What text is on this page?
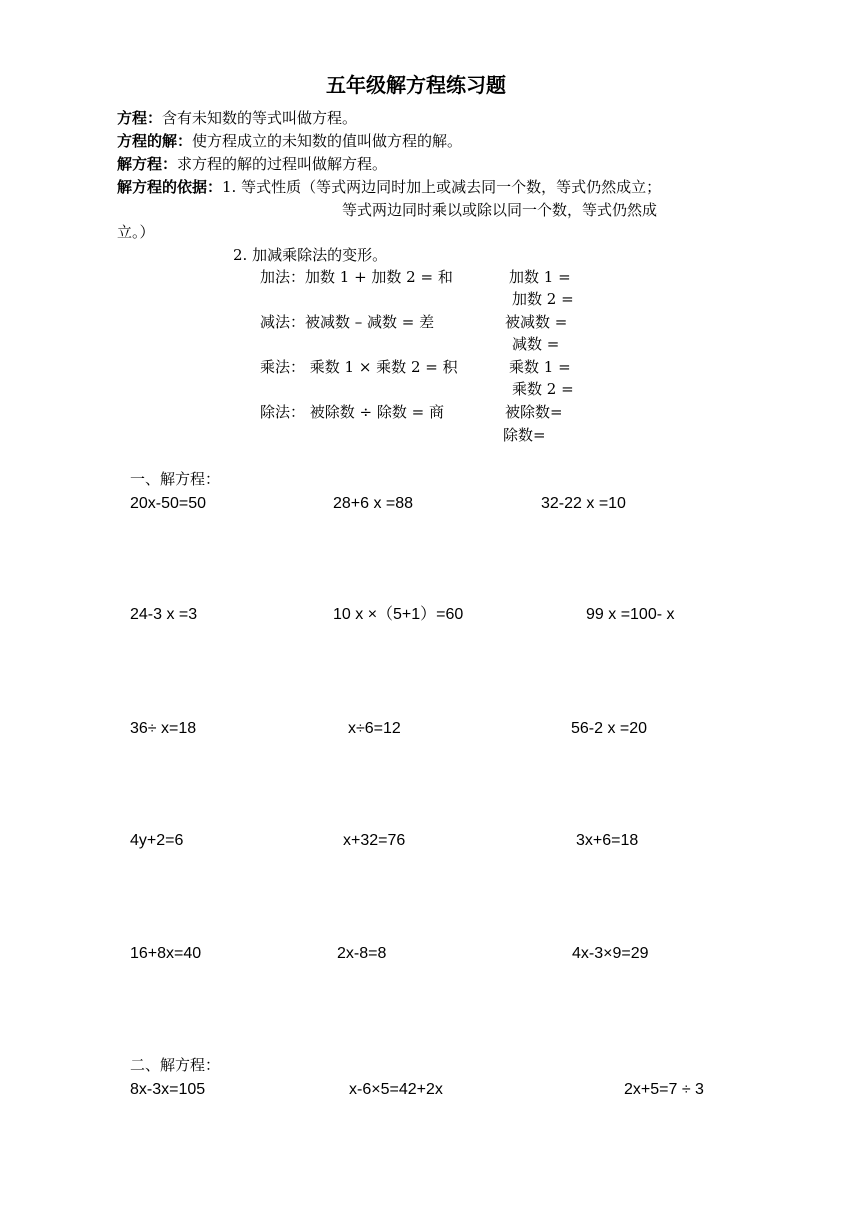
五年级解方程练习题
方程：含有未知数的等式叫做方程。
方程的解：使方程成立的未知数的值叫做方程的解。
解方程：求方程的解的过程叫做解方程。
解方程的依据：1. 等式性质（等式两边同时加上或减去同一个数，等式仍然成立；
等式两边同时乘以或除以同一个数，等式仍然成
立。）
2. 加减乘除法的变形。
加法：加数 1 + 加数 2 = 和	加数 1 =
加数 2 =
减法：被减数 – 减数 = 差	被减数 =
减数 =
乘法： 乘数 1 × 乘数 2 = 积	乘数 1 =
乘数 2 =
除法： 被除数 ÷ 除数 = 商	被除数=
除数=
一、解方程：
20x-50=50	28+6 x =88	32-22 x =10
24-3 x =3	10 x ×（5+1）=60	99 x =100- x
36÷ x=18	x÷6=12	56-2 x =20
4y+2=6	x+32=76	3x+6=18
16+8x=40	2x-8=8	4x-3×9=29
二、解方程：
8x-3x=105	x-6×5=42+2x	2x+5=7 ÷ 3
